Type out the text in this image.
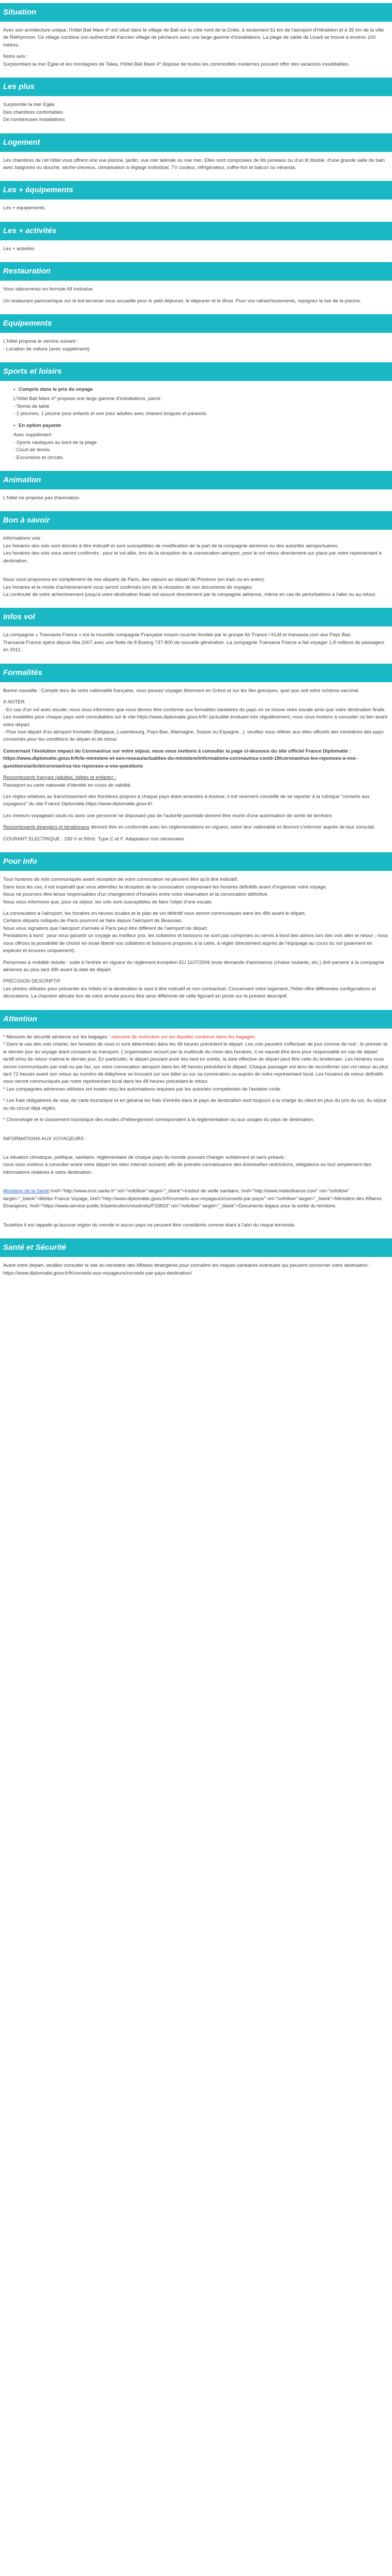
Situation

Avec son architecture unique, l'hôtel Bali Mare 4* est situé dans le village de Bali sur la côte nord de la Crète, à seulement 51 km de l'aéroport d'Héraklion et à 35 km de la ville de Réthymnon. Ce village combine son authenticité d'ancien village de pêcheurs avec une large gamme d'installations. La plage de sable de Livadi se trouve à environ 100 mètres.

Notre avis :
Surplombant la mer Égée et les montagnes de Talea, l'hôtel Bali Mare 4* dispose de toutes les commodités modernes pouvant offrir des vacances inoubliables.

Les plus
Surplombe la mer Egée
Des chambres confortables
De nombreuses installations
Logement

Les chambres de cet hôtel vous offrent une vue piscine, jardin, vue mer latérale ou vue mer. Elles sont composées de lits jumeaux ou d'un lit double, d'une grande salle de bain avec baignoire ou douche, sèche-cheveux, climatisation à réglage individuel, TV couleur, réfrigérateur, coffre-fort et balcon ou véranda.

Les + équipements

Les + équipements

Les + activités

Les + activités

Restauration

Vous séjournerez en formule All Inclusive.

Un restaurant panoramique sur le toit-terrasse vous accueille pour le petit déjeuner, le déjeuner et le dîner. Pour vos rafraichissements, rejoignez le bar de la piscine.

Equipements
L'hôtel propose le service suivant :
- Location de voiture (avec supplément).
Sports et loisirs
• Compris dans le prix du voyage
L'hôtel Bali Mare 4* propose une large gamme d'installations, parmi :
- Tennis de table
- 2 piscines, 1 piscine pour enfants et une pour adultes avec chaises longues et parasols.
• En option payante
Avec supplément :
- Sports nautiques au bord de la plage
- Court de tennis
- Excursions et circuits.
Animation

L'hôtel ne propose pas d'animation.

Bon à savoir

Informations vols :
Les horaires des vols sont donnés à titre indicatif et sont susceptibles de modification de la part de la compagnie aérienne ou des autorités aéroportuaires.
Les horaires des vols vous seront confirmés : pour le vol aller, lors de la réception de la convocation aéroport, pour le vol retour directement sur place par notre représentant à destination.

Nous vous proposons en complément de nos départs de Paris, des séjours au départ de Province (en train ou en avion).
Les horaires et le mode d'acheminement vous seront confirmés lors de la réception de vos documents de voyages.
La continuité de votre acheminement jusqu'à votre destination finale est assuré directement par la compagnie aérienne, même en cas de perturbations à l'aller ou au retour.

Infos vol

La compagnie « Transavia France » est la nouvelle compagnie Française moyen courrier fondée par le groupe Air France / KLM et transavia.com aux Pays Bas.
Transavia France opère depuis Mai 2007 avec une flotte de 8 Boeing 737-800 de nouvelle génération. La compagnie Transavia France a fait voyager 1,8 millions de passagers en 2011.

Formalités

Bonne nouvelle : Compte tenu de votre nationalité française, vous pouvez voyager librement en Grèce et sur les îles grecques, quel que soit votre schéma vaccinal.

A NOTER
- En cas d'un vol avec escale, nous vous informons que vous devrez être conforme aux formalités sanitaires du pays où se trouve votre escale ainsi que votre destination finale.
Les modalités pour chaque pays sont consultables sur le site https://www.diplomatie.gouv.fr/fr/ (actualité évoluant très régulièrement, nous vous invitons à consulter ce lien avant votre départ.
- Pour tout départ d'un aéroport frontalier (Belgique, Luxembourg, Pays-Bas, Allemagne, Suisse ou Espagne...), veuillez vous référer aux sites officiels des ministères des pays concernés pour les conditions de départ et de retour.

Concernant l'évolution impact du Coronavirus sur votre séjour, nous vous invitons à consulter la page ci-dessous du site officiel France Diplomatie :
https://www.diplomatie.gouv.fr/fr/le-ministere-et-son-reseau/actualites-du-ministere/informations-coronavirus-covid-19/coronavirus-les-reponses-a-vos-questions/article/coronavirus-les-reponses-a-vos-questions

Ressortissants français (adultes, bébés et enfants) :
Passeport ou carte nationale d'identité en cours de validité.

Les règles relatives au franchissement des frontières propres à chaque pays étant amenées à évoluer, il est vivement conseillé de se reporter à la rubrique "conseils aux voyageurs" du site France Diplomatie,https://www.diplomatie.gouv.fr/.

Les mineurs voyageant seuls ou avec une personne ne disposant pas de l'autorité parentale doivent être munis d'une autorisation de sortie de territoire.

Ressortissants étrangers et binationaux devront être en conformité avec les réglementations en vigueur, selon leur nationalité et devront s'informer auprès de leur consulat.

COURANT ELECTRIQUE : 230 V et 50Hz. Type C et F. Adaptateur non nécessaire.

Pour info

Tous horaires de vols communiqués avant réception de votre convocation ne peuvent être qu'à titre indicatif.
Dans tous les cas, il est impératif que vous attendiez la réception de la convocation comprenant les horaires définitifs avant d'organiser votre voyage.
Nous ne pourrons être tenus responsables d'un changement d'horaires entre votre réservation et la convocation définitive.
Nous vous informons que, pour ce séjour, les vols sont susceptibles de faire l'objet d'une escale.

La convocation à l'aéroport, les horaires en heures locales et le plan de vol définitif vous seront communiqués dans les 48h avant le départ.
Certains départs indiqués de Paris pourront se faire depuis l'aéroport de Beauvais.
Nous vous signalons que l'aéroport d'arrivée à Paris peut être différent de l'aéroport de départ.
Prestations à bord : pour vous garantir un voyage au meilleur prix, les collations et boissons ne sont pas comprises ou servis à bord des avions lors des vols aller et retour ; nous vous offrons la possibilité de choisir en toute liberté vos collations et boissons proposés à la carte, à régler directement auprès de l'équipage au cours du vol (paiement en espèces et écoures uniquement).

Personnes à mobilité réduite : suite à l'entrée en vigueur du règlement européen EU 1107/2006 toute demande d'assistance (chaise roulante, etc.) doit parvenir à la compagnie aérienne au plus tard 48h avant la date de départ.

PRÉCISION DESCRIPTIF
Les photos utilisées pour présenter les hôtels et la destination le sont à titre indicatif et non-contractuel. Concernant votre logement, l'hôtel offre différentes configurations et décorations. La chambre allouée lors de votre arrivée pourra être ainsi différente de celle figurant en photo sur le présent descriptif.

Attention

* Mesures de sécurité aérienne sur les bagages : mesures de restriction sur les liquides contenus dans les bagages.
* Dans le cas des vols charter, les horaires de vous-ci sont déterminés dans les 48 heures précédent le départ. Les vols peuvent s'effectuer de jour comme de nuit ; le premier et le dernier jour du voyage étant consacré au transport. L'organisateur recourt par la multitude du choix des horaires, il ne saurait être tenu pour responsable en cas de départ tardif et/ou de retour matinal le dernier jour. En particulier, le départ pouvant avoir lieu tard en soirée, la date effective de départ peut être celle du lendemain. Les horaires vous seront communiqués par mail ou par fax, sur votre convocation aéroport dans les 48 heures précédant le départ. Chaque passager est tenu de reconfirmer son vol retour au plus tard 72 heures avant son retour au numéro de téléphone se trouvant sur son billet ou sur sa convocation ou auprès de notre représentant local. Les horaires de retour définitifs vous seront communiqués par notre représentant local dans les 48 heures précédant le retour.
* Les compagnies aériennes utilisées ont toutes reçu les autorisations requises par les autorités compétentes de l'aviation civile.

* Les frais obligatoires de visa, de carte touristique et en général les frais d'entrée dans le pays de destination sont toujours à la charge du client en plus du prix du vol, du séjour ou du circuit déjà réglés.

* Chronologie et le classement touristique des modes d'hébergement correspondent à la réglementation ou aux usages du pays de destination.

INFORMATIONS AUX VOYAGEURS :

La situation climatique, politique, sanitaire, réglementaire de chaque pays du monde pouvant changer subitement et sans préavis :
nous vous invitons à consulter avant votre départ les sites Internet suivants afin de prendre connaissance des éventuelles restrictions, obligations ou tout simplement des informations relatives à votre destination.

Ministère de la Santé href="http://www.invs.sante.fr" rel="nofollow" target="_blank">Institut de veille sanitaire, href="http://www.meteofrance.com" rel="nofollow" target="_blank">Météo France Voyage, href="http://www.diplomatie.gouv.fr/fr/conseils-aux-voyageurs/conseils-par-pays/" rel="nofollow" target="_blank">Ministère des Affaires Etrangères, href="https://www.service-public.fr/particuliers/vosdroits/F33833" rel="nofollow" target="_blank">Documents légaux pour la sortie du territoire.

Toutefois il est rappelé qu'aucune région du monde ni aucun pays ne peuvent être considérés comme étant à l'abri du risque terroriste.

Santé et Sécurité

Avant votre départ, veuillez consulter le site du ministère des Affaires étrangères pour connaître les risques sanitaires éventuels qui peuvent concerner votre destination : https://www.diplomatie.gouv.fr/fr/conseils-aux-voyageurs/conseils-par-pays-destination/
